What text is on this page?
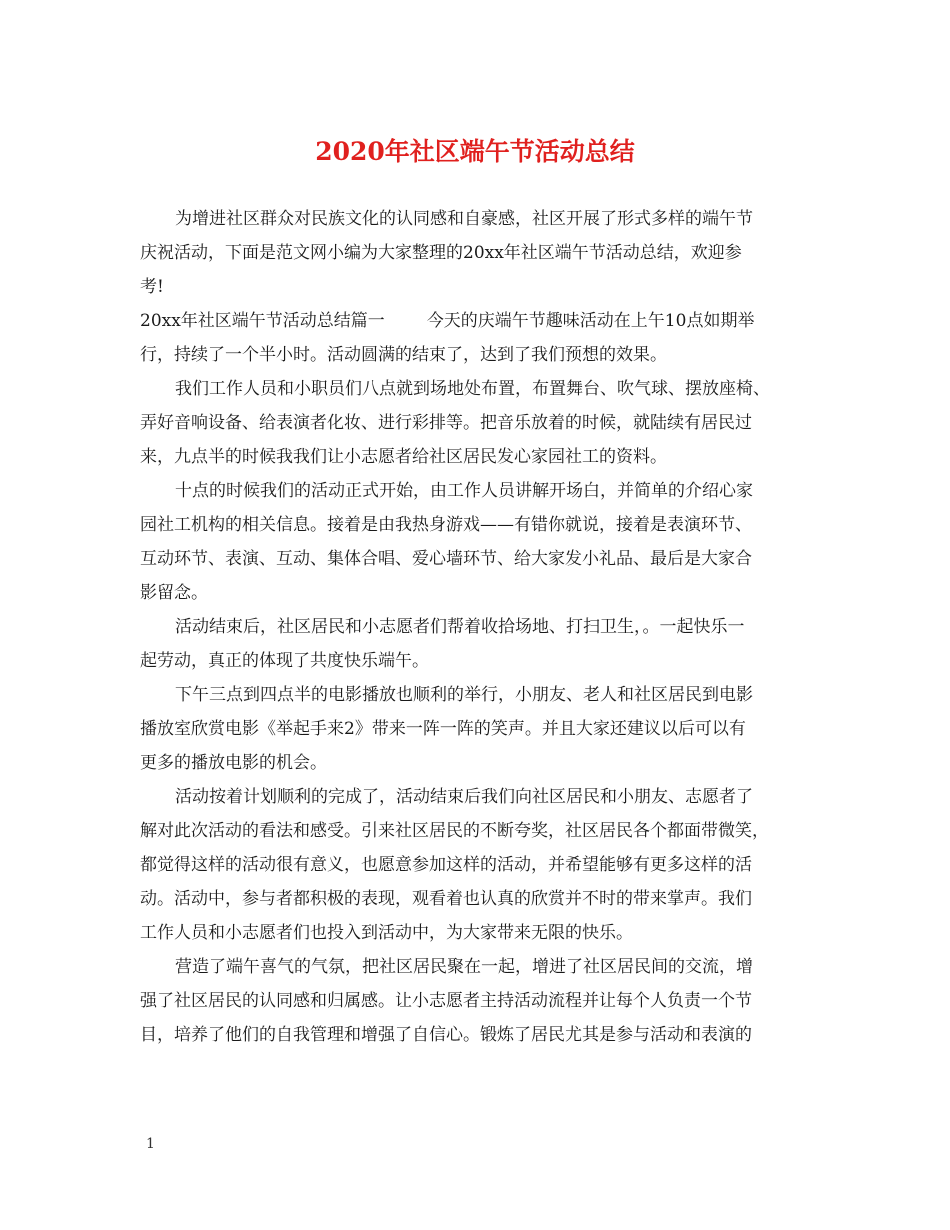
2020年社区端午节活动总结
为增进社区群众对民族文化的认同感和自豪感，社区开展了形式多样的端午节
庆祝活动，下面是范文网小编为大家整理的20xx年社区端午节活动总结，欢迎参
考!
20xx年社区端午节活动总结篇一 今天的庆端午节趣味活动在上午10点如期举
行，持续了一个半小时。活动圆满的结束了，达到了我们预想的效果。
我们工作人员和小职员们八点就到场地处布置，布置舞台、吹气球、摆放座椅、
弄好音响设备、给表演者化妆、进行彩排等。把音乐放着的时候，就陆续有居民过
来，九点半的时候我我们让小志愿者给社区居民发心家园社工的资料。
十点的时候我们的活动正式开始，由工作人员讲解开场白，并简单的介绍心家
园社工机构的相关信息。接着是由我热身游戏——有错你就说，接着是表演环节、
互动环节、表演、互动、集体合唱、爱心墙环节、给大家发小礼品、最后是大家合
影留念。
活动结束后，社区居民和小志愿者们帮着收拾场地、打扫卫生，。一起快乐一
起劳动，真正的体现了共度快乐端午。
下午三点到四点半的电影播放也顺利的举行，小朋友、老人和社区居民到电影
播放室欣赏电影《举起手来2》带来一阵一阵的笑声。并且大家还建议以后可以有
更多的播放电影的机会。
活动按着计划顺利的完成了，活动结束后我们向社区居民和小朋友、志愿者了
解对此次活动的看法和感受。引来社区居民的不断夸奖，社区居民各个都面带微笑，
都觉得这样的活动很有意义，也愿意参加这样的活动，并希望能够有更多这样的活
动。活动中，参与者都积极的表现，观看着也认真的欣赏并不时的带来掌声。我们
工作人员和小志愿者们也投入到活动中，为大家带来无限的快乐。
营造了端午喜气的气氛，把社区居民聚在一起，增进了社区居民间的交流，增
强了社区居民的认同感和归属感。让小志愿者主持活动流程并让每个人负责一个节
目，培养了他们的自我管理和增强了自信心。锻炼了居民尤其是参与活动和表演的
1
